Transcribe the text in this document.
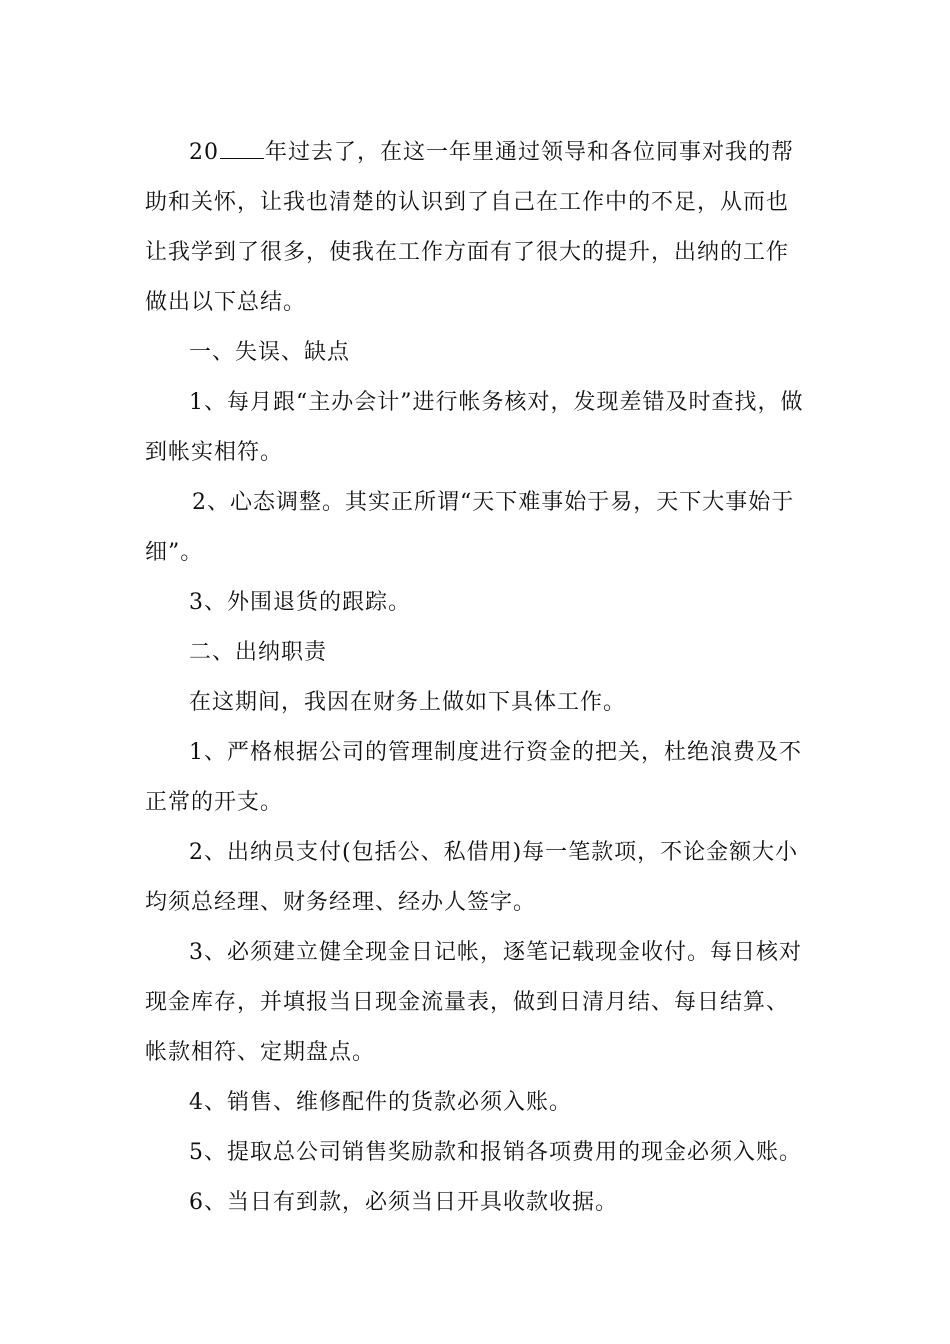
20 年过去了，在这一年里通过领导和各位同事对我的帮助和关怀，让我也清楚的认识到了自己在工作中的不足，从而也让我学到了很多，使我在工作方面有了很大的提升，出纳的工作做出以下总结。

一、失误、缺点

1、每月跟“主办会计”进行帐务核对，发现差错及时查找，做到帐实相符。

2、心态调整。其实正所谓“天下难事始于易，天下大事始于细”。

3、外围退货的跟踪。

二、出纳职责

在这期间，我因在财务上做如下具体工作。

1、严格根据公司的管理制度进行资金的把关，杜绝浪费及不正常的开支。

2、出纳员支付(包括公、私借用)每一笔款项，不论金额大小均须总经理、财务经理、经办人签字。

3、必须建立健全现金日记帐，逐笔记载现金收付。每日核对现金库存，并填报当日现金流量表，做到日清月结、每日结算、帐款相符、定期盘点。

4、销售、维修配件的货款必须入账。

5、提取总公司销售奖励款和报销各项费用的现金必须入账。

6、当日有到款，必须当日开具收款收据。
